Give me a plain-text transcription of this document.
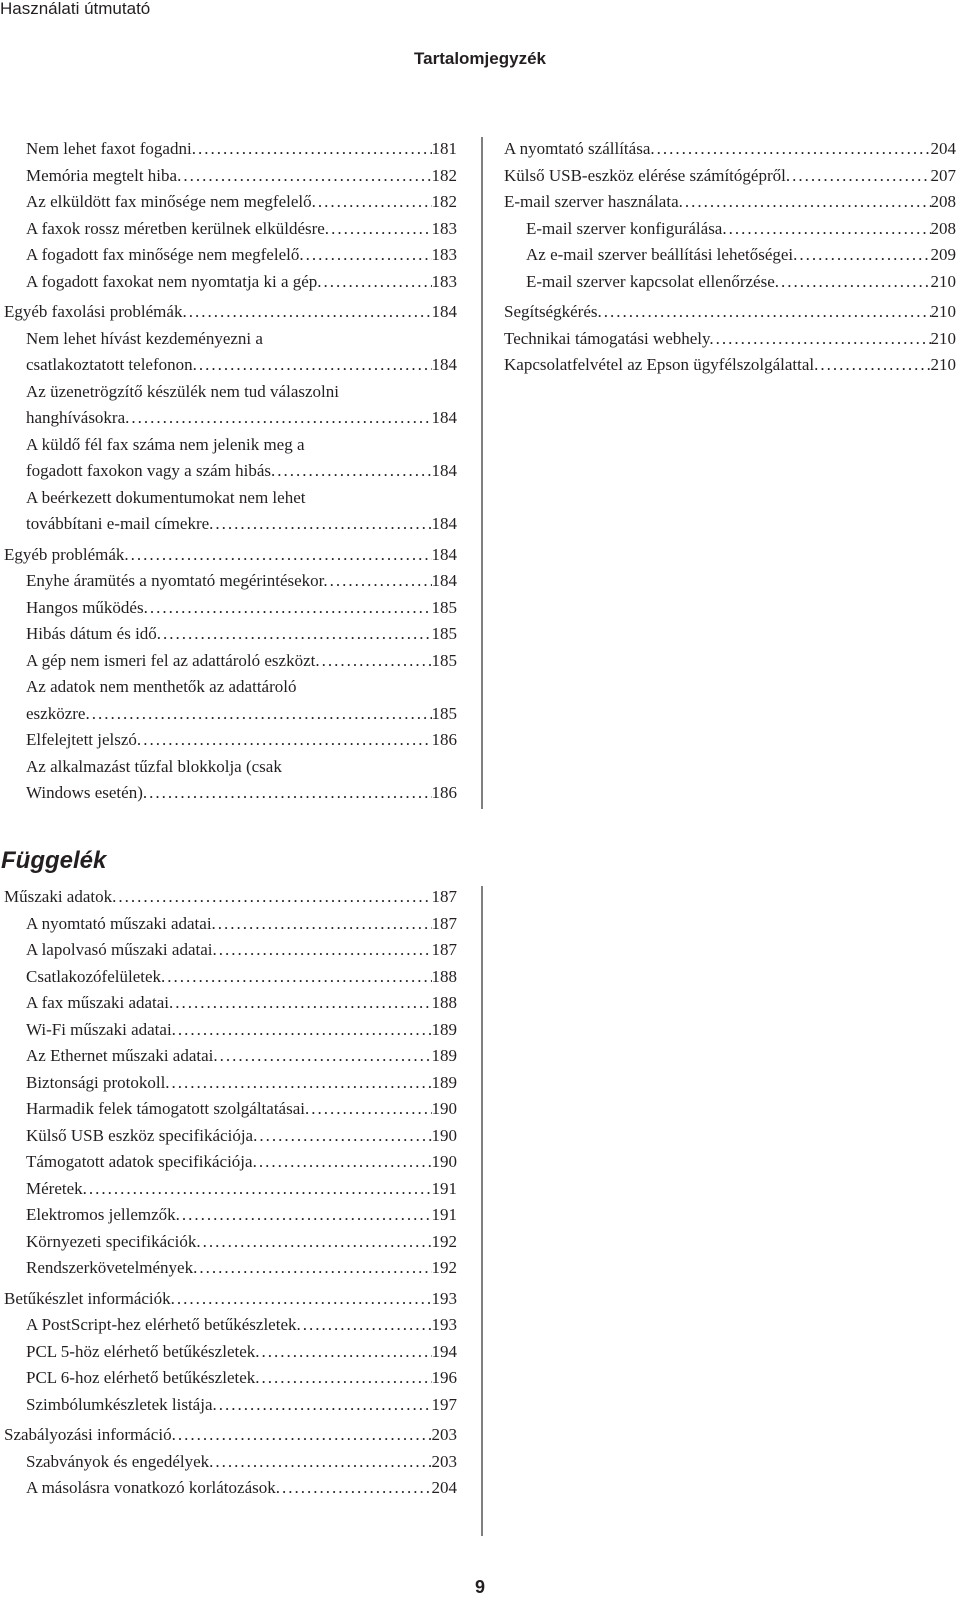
Használati útmutató
Tartalomjegyzék
Nem lehet faxot fogadni. .....	181
Memória megtelt hiba. .....	182
Az elküldött fax minősége nem megfelelő. .....	182
A faxok rossz méretben kerülnek elküldésre. .....	183
A fogadott fax minősége nem megfelelő. .....	183
A fogadott faxokat nem nyomtatja ki a gép. .....	183
Egyéb faxolási problémák. .....	184
Nem lehet hívást kezdeményezni a
csatlakoztatott telefonon. .....	184
Az üzenetrögzítő készülék nem tud válaszolni
hanghívásokra. .....	184
A küldő fél fax száma nem jelenik meg a
fogadott faxokon vagy a szám hibás. .....	184
A beérkezett dokumentumokat nem lehet
továbbítani e-mail címekre. .....	184
Egyéb problémák. .....	184
Enyhe áramütés a nyomtató megérintésekor. .....	184
Hangos működés. .....	185
Hibás dátum és idő. .....	185
A gép nem ismeri fel az adattároló eszközt. .....	185
Az adatok nem menthetők az adattároló
eszközre. .....	185
Elfelejtett jelszó. .....	186
Az alkalmazást tűzfal blokkolja (csak
Windows esetén). .....	186
A nyomtató szállítása. .....	204
Külső USB-eszköz elérése számítógépről. .....	207
E-mail szerver használata. .....	208
E-mail szerver konfigurálása. .....	208
Az e-mail szerver beállítási lehetőségei. .....	209
E-mail szerver kapcsolat ellenőrzése. .....	210
Segítségkérés. .....	210
Technikai támogatási webhely. .....	210
Kapcsolatfelvétel az Epson ügyfélszolgálattal. .....	210
Függelék
Műszaki adatok. .....	187
A nyomtató műszaki adatai. .....	187
A lapolvasó műszaki adatai. .....	187
Csatlakozófelületek. .....	188
A fax műszaki adatai. .....	188
Wi-Fi műszaki adatai. .....	189
Az Ethernet műszaki adatai. .....	189
Biztonsági protokoll. .....	189
Harmadik felek támogatott szolgáltatásai. .....	190
Külső USB eszköz specifikációja. .....	190
Támogatott adatok specifikációja. .....	190
Méretek. .....	191
Elektromos jellemzők. .....	191
Környezeti specifikációk. .....	192
Rendszerkövetelmények. .....	192
Betűkészlet információk. .....	193
A PostScript-hez elérhető betűkészletek. .....	193
PCL 5-höz elérhető betűkészletek. .....	194
PCL 6-hoz elérhető betűkészletek. .....	196
Szimbólumkészletek listája. .....	197
Szabályozási információ. .....	203
Szabványok és engedélyek. .....	203
A másolásra vonatkozó korlátozások. .....	204
9
